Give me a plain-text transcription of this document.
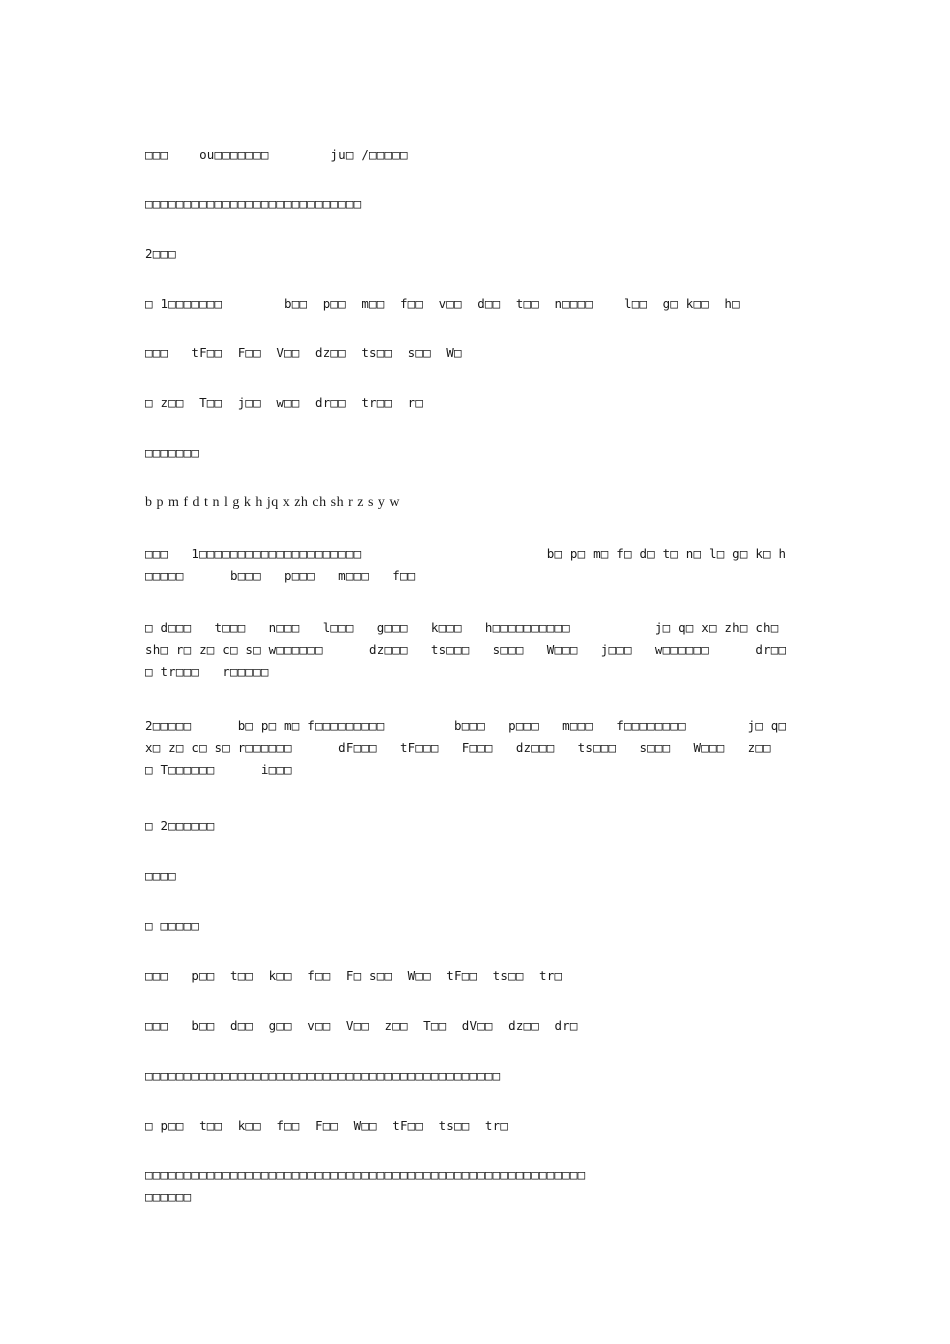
□□□    ou□□□□□□□        ju□ /□□□□□
□□□□□□□□□□□□□□□□□□□□□□□□□□□□
2□□□
□ 1□□□□□□□        b□□  p□□  m□□  f□□  v□□  d□□  t□□  n□□□□    l□□  g□ k□□  h□
□□□   tF□□  F□□  V□□  dz□□  ts□□  s□□  W□
□ z□□  T□□  j□□  w□□  dr□□  tr□□  r□
□□□□□□□
b p m f d t n l g k h jq x zh ch sh r z s y w
□□□   1□□□□□□□□□□□□□□□□□□□□□                        b□ p□ m□ f□ d□ t□ n□ l□ g□ k□ h
□□□□□      b□□□   p□□□   m□□□   f□□
□ d□□□   t□□□   n□□□   l□□□   g□□□   k□□□   h□□□□□□□□□□           j□ q□ x□ zh□ ch□
sh□ r□ z□ c□ s□ w□□□□□□      dz□□□   ts□□□   s□□□   W□□□   j□□□   w□□□□□□      dr□□
□ tr□□□   r□□□□□
2□□□□□      b□ p□ m□ f□□□□□□□□□         b□□□   p□□□   m□□□   f□□□□□□□□        j□ q□
x□ z□ c□ s□ r□□□□□□      dF□□□   tF□□□   F□□□   dz□□□   ts□□□   s□□□   W□□□   z□□
□ T□□□□□□      i□□□
□ 2□□□□□□
□□□□
□ □□□□□
□□□   p□□  t□□  k□□  f□□  F□ s□□  W□□  tF□□  ts□□  tr□
□□□   b□□  d□□  g□□  v□□  V□□  z□□  T□□  dV□□  dz□□  dr□
□□□□□□□□□□□□□□□□□□□□□□□□□□□□□□□□□□□□□□□□□□□□□□
□ p□□  t□□  k□□  f□□  F□□  W□□  tF□□  ts□□  tr□
□□□□□□□□□□□□□□□□□□□□□□□□□□□□□□□□□□□□□□□□□□□□□□□□□□□□□□□□□
□□□□□□
